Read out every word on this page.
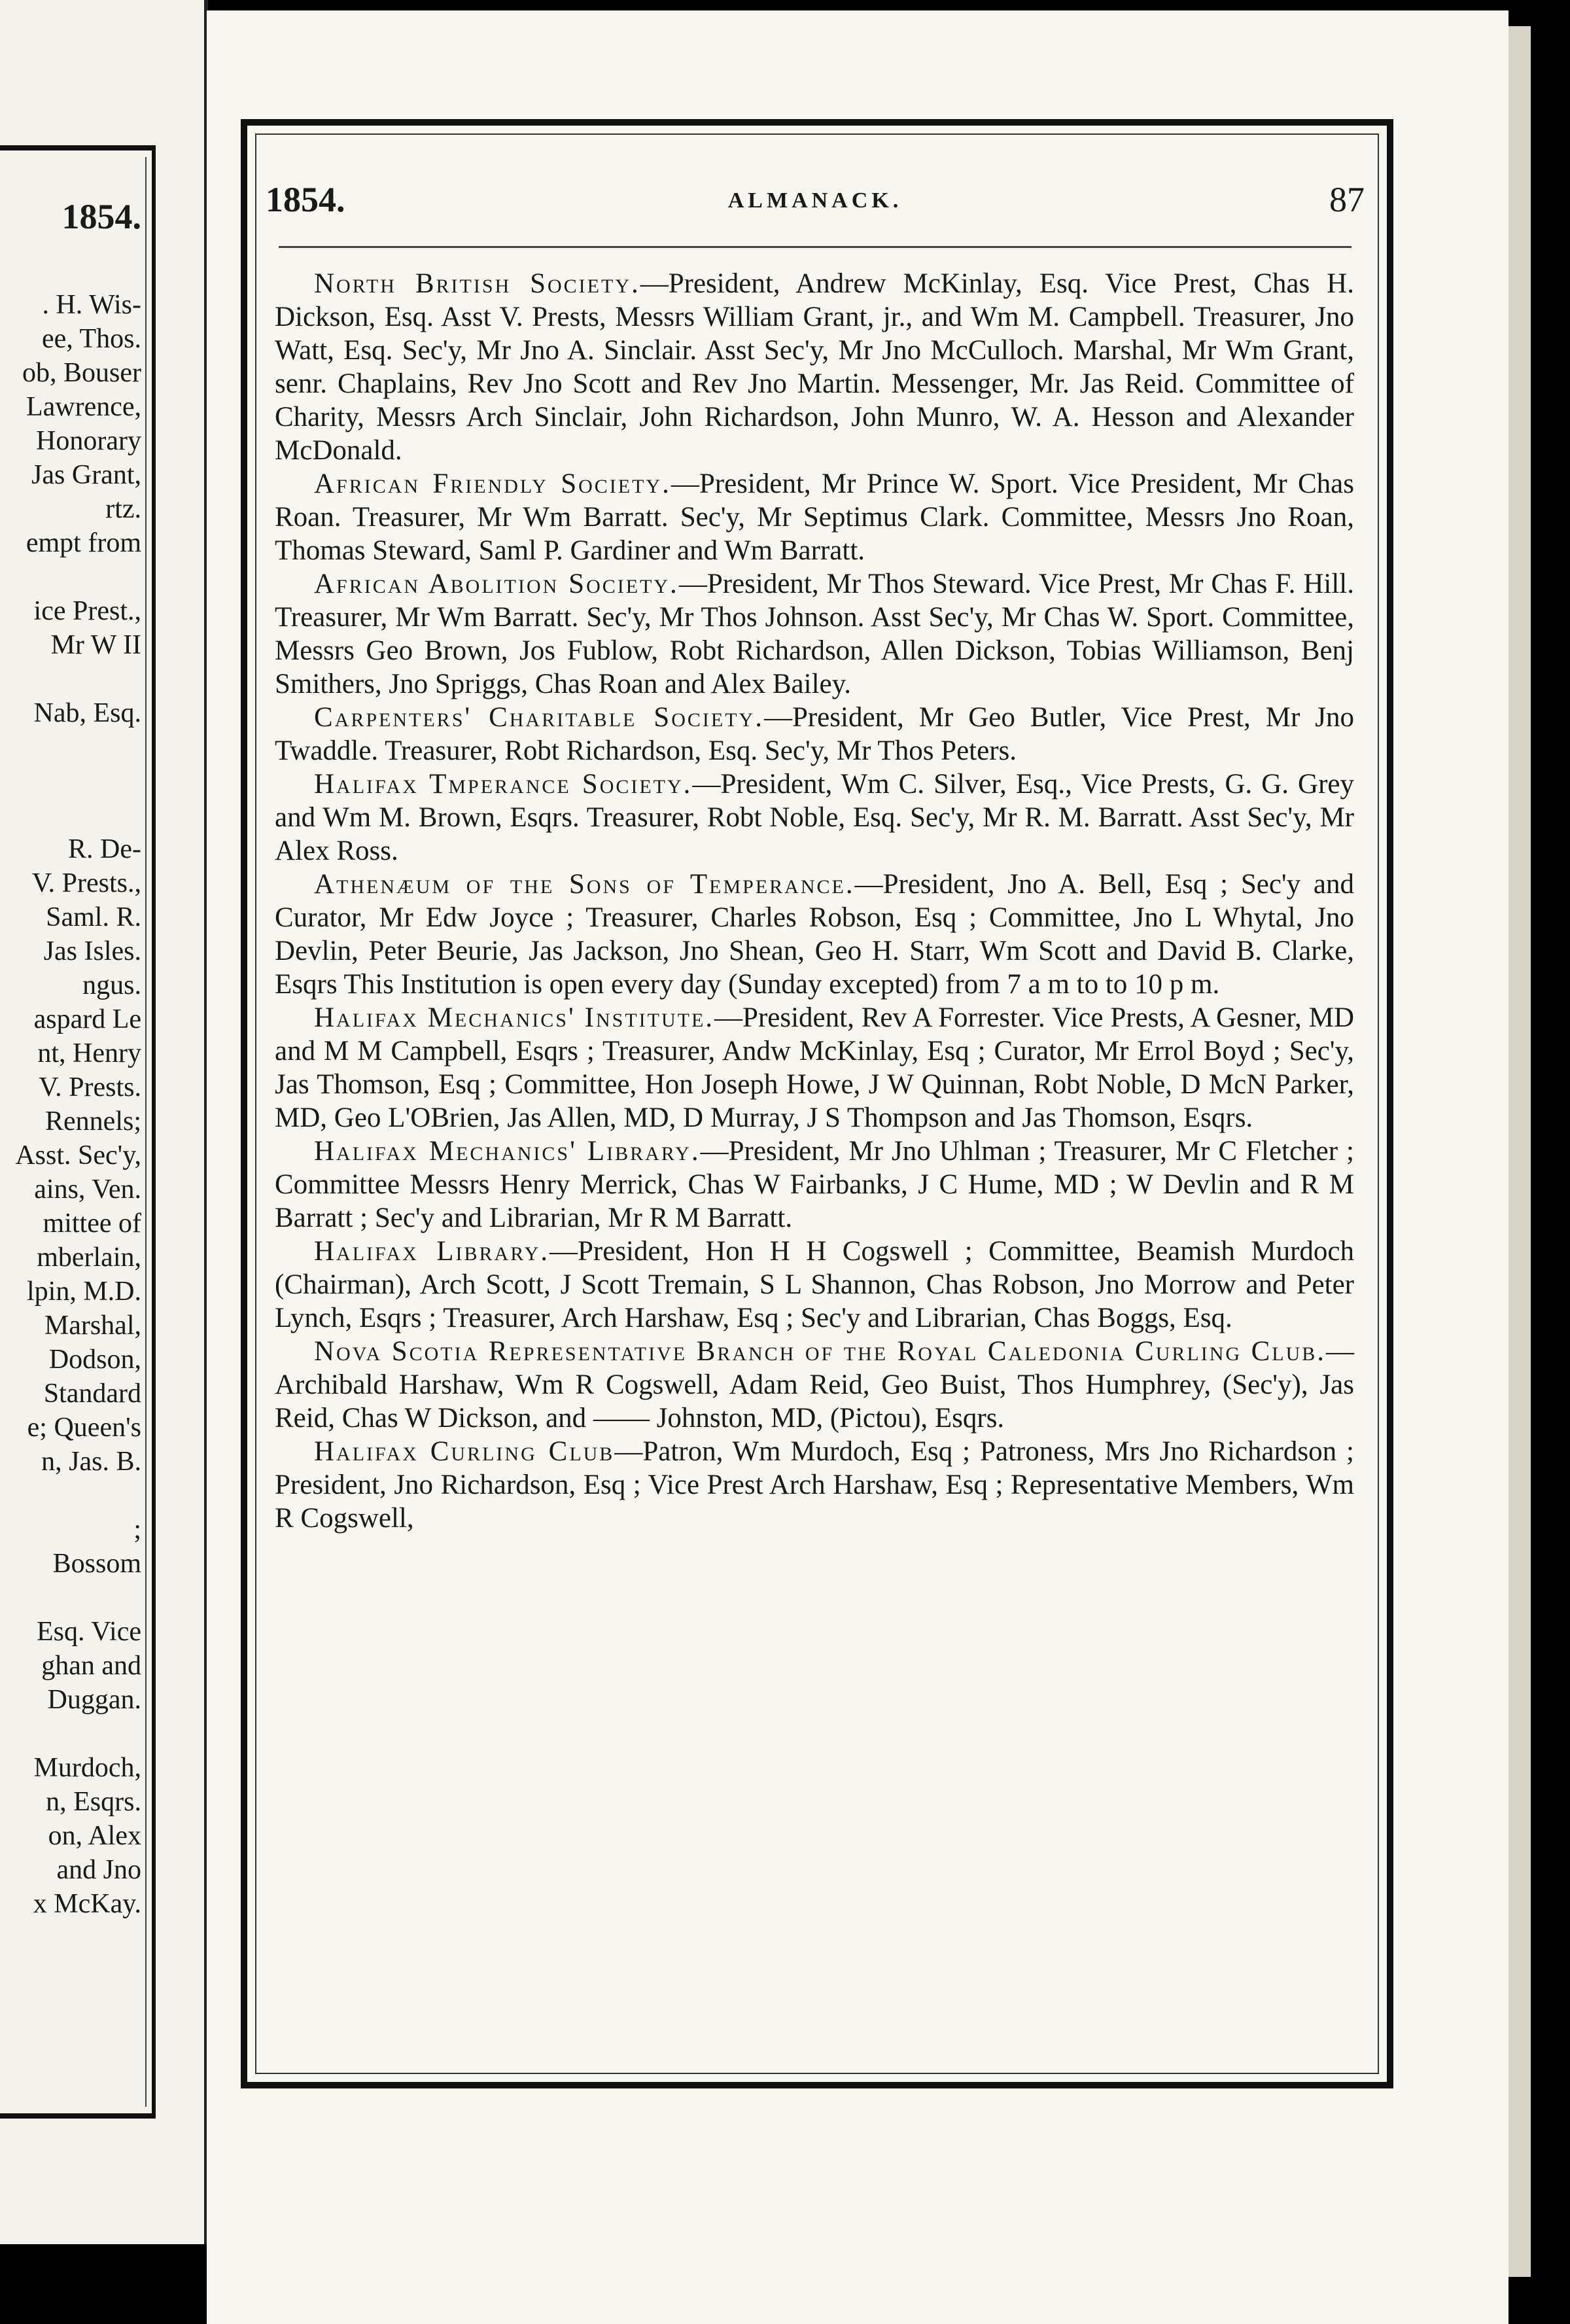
1854.
. H. Wis-
ee, Thos.
ob, Bouser
Lawrence,
Honorary
Jas Grant,
rtz.
empt from
ice Prest.,
Mr W II
Nab, Esq.
R. De-
V. Prests.,
Saml. R.
Jas Isles.
ngus.
aspard Le
nt, Henry
V. Prests.
Rennels;
Asst. Sec'y,
ains, Ven.
mittee of
mberlain,
lpin, M.D.
Marshal,
Dodson,
Standard
e; Queen's
n, Jas. B.
;
Bossom
Esq. Vice
ghan and
Duggan.
Murdoch,
n, Esqrs.
on, Alex
and Jno
x McKay.
1854.	ALMANACK.	87

North British Society.—President, Andrew McKinlay, Esq. Vice Prest, Chas H. Dickson, Esq. Asst V. Prests, Messrs William Grant, jr., and Wm M. Campbell. Treasurer, Jno Watt, Esq. Sec'y, Mr Jno A. Sinclair. Asst Sec'y, Mr Jno McCulloch. Marshal, Mr Wm Grant, senr. Chaplains, Rev Jno Scott and Rev Jno Martin. Messenger, Mr. Jas Reid. Committee of Charity, Messrs Arch Sinclair, John Richardson, John Munro, W. A. Hesson and Alexander McDonald.

African Friendly Society.—President, Mr Prince W. Sport. Vice President, Mr Chas Roan. Treasurer, Mr Wm Barratt. Sec'y, Mr Septimus Clark. Committee, Messrs Jno Roan, Thomas Steward, Saml P. Gardiner and Wm Barratt.

African Abolition Society.—President, Mr Thos Steward. Vice Prest, Mr Chas F. Hill. Treasurer, Mr Wm Barratt. Sec'y, Mr Thos Johnson. Asst Sec'y, Mr Chas W. Sport. Committee, Messrs Geo Brown, Jos Fublow, Robt Richardson, Allen Dickson, Tobias Williamson, Benj Smithers, Jno Spriggs, Chas Roan and Alex Bailey.

Carpenters' Charitable Society.—President, Mr Geo Butler, Vice Prest, Mr Jno Twaddle. Treasurer, Robt Richardson, Esq. Sec'y, Mr Thos Peters.

Halifax Tmperance Society.—President, Wm C. Silver, Esq., Vice Prests, G. G. Grey and Wm M. Brown, Esqrs. Treasurer, Robt Noble, Esq. Sec'y, Mr R. M. Barratt. Asst Sec'y, Mr Alex Ross.

Athenæum of the Sons of Temperance.—President, Jno A. Bell, Esq ; Sec'y and Curator, Mr Edw Joyce ; Treasurer, Charles Robson, Esq ; Committee, Jno L Whytal, Jno Devlin, Peter Beurie, Jas Jackson, Jno Shean, Geo H. Starr, Wm Scott and David B. Clarke, Esqrs This Institution is open every day (Sunday excepted) from 7 a m to to 10 p m.

Halifax Mechanics' Institute.—President, Rev A Forrester. Vice Prests, A Gesner, MD and M M Campbell, Esqrs ; Treasurer, Andw McKinlay, Esq ; Curator, Mr Errol Boyd ; Sec'y, Jas Thomson, Esq ; Committee, Hon Joseph Howe, J W Quinnan, Robt Noble, D McN Parker, MD, Geo L'OBrien, Jas Allen, MD, D Murray, J S Thompson and Jas Thomson, Esqrs.

Halifax Mechanics' Library.—President, Mr Jno Uhlman ; Treasurer, Mr C Fletcher ; Committee Messrs Henry Merrick, Chas W Fairbanks, J C Hume, MD ; W Devlin and R M Barratt ; Sec'y and Librarian, Mr R M Barratt.

Halifax Library.—President, Hon H H Cogswell ; Committee, Beamish Murdoch (Chairman), Arch Scott, J Scott Tremain, S L Shannon, Chas Robson, Jno Morrow and Peter Lynch, Esqrs ; Treasurer, Arch Harshaw, Esq ; Sec'y and Librarian, Chas Boggs, Esq.

Nova Scotia Representative Branch of the Royal Caledonia Curling Club.—Archibald Harshaw, Wm R Cogswell, Adam Reid, Geo Buist, Thos Humphrey, (Sec'y), Jas Reid, Chas W Dickson, and —— Johnston, MD, (Pictou), Esqrs.

Halifax Curling Club—Patron, Wm Murdoch, Esq ; Patroness, Mrs Jno Richardson ; President, Jno Richardson, Esq ; Vice Prest Arch Harshaw, Esq ; Representative Members, Wm R Cogswell,
